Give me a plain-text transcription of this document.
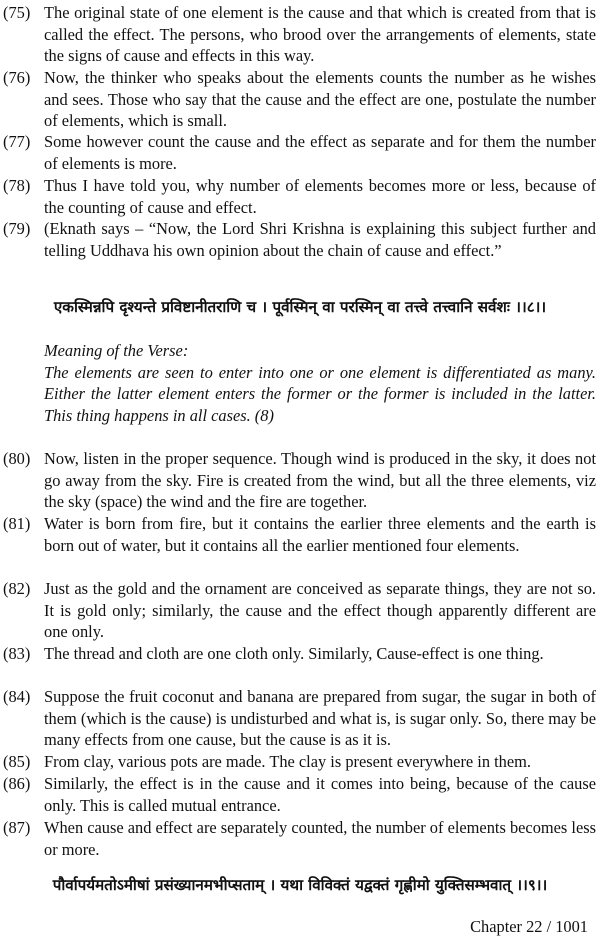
(75) The original state of one element is the cause and that which is created from that is called the effect. The persons, who brood over the arrangements of elements, state the signs of cause and effects in this way.
(76) Now, the thinker who speaks about the elements counts the number as he wishes and sees. Those who say that the cause and the effect are one, postulate the number of elements, which is small.
(77) Some however count the cause and the effect as separate and for them the number of elements is more.
(78) Thus I have told you, why number of elements becomes more or less, because of the counting of cause and effect.
(79) (Eknath says – “Now, the Lord Shri Krishna is explaining this subject further and telling Uddhava his own opinion about the chain of cause and effect.”
एकस्मिन्नपि दृश्यन्ते प्रविष्टानीतराणि च । पूर्वस्मिन् वा परस्मिन् वा तत्त्वे तत्त्वानि सर्वशः ।।८।।
Meaning of the Verse:
The elements are seen to enter into one or one element is differentiated as many. Either the latter element enters the former or the former is included in the latter. This thing happens in all cases. (8)
(80) Now, listen in the proper sequence. Though wind is produced in the sky, it does not go away from the sky. Fire is created from the wind, but all the three elements, viz the sky (space) the wind and the fire are together.
(81) Water is born from fire, but it contains the earlier three elements and the earth is born out of water, but it contains all the earlier mentioned four elements.
(82) Just as the gold and the ornament are conceived as separate things, they are not so. It is gold only; similarly, the cause and the effect though apparently different are one only.
(83) The thread and cloth are one cloth only. Similarly, Cause-effect is one thing.
(84) Suppose the fruit coconut and banana are prepared from sugar, the sugar in both of them (which is the cause) is undisturbed and what is, is sugar only. So, there may be many effects from one cause, but the cause is as it is.
(85) From clay, various pots are made. The clay is present everywhere in them.
(86) Similarly, the effect is in the cause and it comes into being, because of the cause only. This is called mutual entrance.
(87) When cause and effect are separately counted, the number of elements becomes less or more.
पौर्वापर्यमतोऽमीषां प्रसंख्यानमभीप्सताम् । यथा विविक्तं यद्वक्तं गृह्णीमो युक्तिसम्भवात् ।।९।।
Chapter 22 / 1001
